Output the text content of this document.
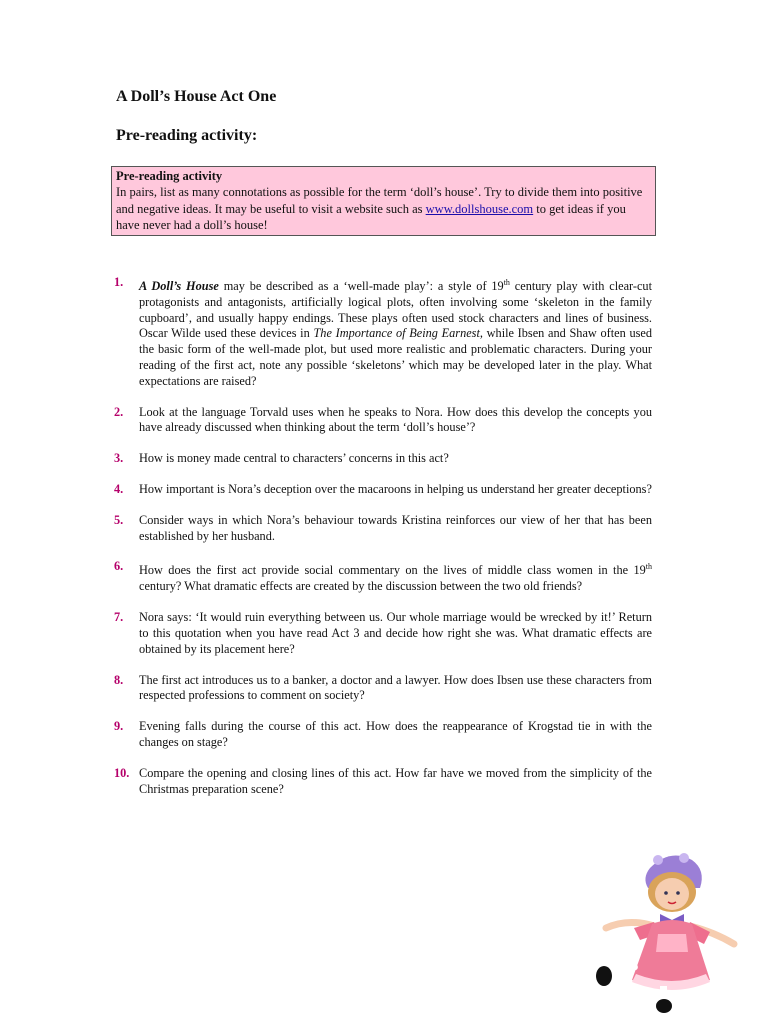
A Doll’s House Act One
Pre-reading activity:
Pre-reading activity
In pairs, list as many connotations as possible for the term ‘doll’s house’. Try to divide them into positive and negative ideas. It may be useful to visit a website such as www.dollshouse.com to get ideas if you have never had a doll’s house!
1.	A Doll’s House may be described as a ‘well-made play’: a style of 19th century play with clear-cut protagonists and antagonists, artificially logical plots, often involving some ‘skeleton in the family cupboard’, and usually happy endings. These plays often used stock characters and lines of business. Oscar Wilde used these devices in The Importance of Being Earnest, while Ibsen and Shaw often used the basic form of the well-made plot, but used more realistic and problematic characters. During your reading of the first act, note any possible ‘skeletons’ which may be developed later in the play. What expectations are raised?
2.	Look at the language Torvald uses when he speaks to Nora. How does this develop the concepts you have already discussed when thinking about the term ‘doll’s house’?
3.	How is money made central to characters’ concerns in this act?
4.	How important is Nora’s deception over the macaroons in helping us understand her greater deceptions?
5.	Consider ways in which Nora’s behaviour towards Kristina reinforces our view of her that has been established by her husband.
6.	How does the first act provide social commentary on the lives of middle class women in the 19th century? What dramatic effects are created by the discussion between the two old friends?
7.	Nora says: ‘It would ruin everything between us. Our whole marriage would be wrecked by it!’ Return to this quotation when you have read Act 3 and decide how right she was. What dramatic effects are obtained by its placement here?
8.	The first act introduces us to a banker, a doctor and a lawyer. How does Ibsen use these characters from respected professions to comment on society?
9.	Evening falls during the course of this act. How does the reappearance of Krogstad tie in with the changes on stage?
10. Compare the opening and closing lines of this act. How far have we moved from the simplicity of the Christmas preparation scene?
